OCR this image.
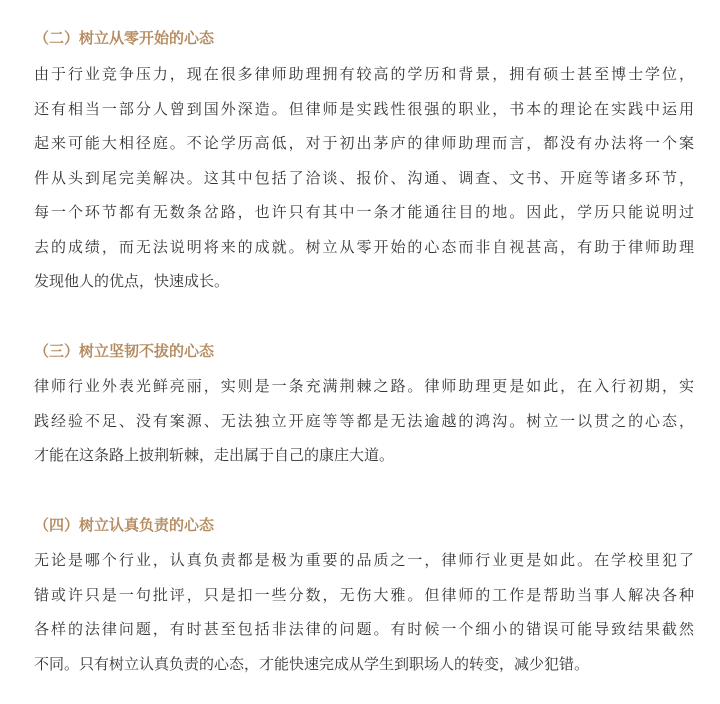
（二）树立从零开始的心态
由于行业竞争压力，现在很多律师助理拥有较高的学历和背景，拥有硕士甚至博士学位，
还有相当一部分人曾到国外深造。但律师是实践性很强的职业，书本的理论在实践中运用
起来可能大相径庭。不论学历高低，对于初出茅庐的律师助理而言，都没有办法将一个案
件从头到尾完美解决。这其中包括了洽谈、报价、沟通、调查、文书、开庭等诸多环节，
每一个环节都有无数条岔路，也许只有其中一条才能通往目的地。因此，学历只能说明过
去的成绩，而无法说明将来的成就。树立从零开始的心态而非自视甚高，有助于律师助理
发现他人的优点，快速成长。
（三）树立坚韧不拔的心态
律师行业外表光鲜亮丽，实则是一条充满荆棘之路。律师助理更是如此，在入行初期，实
践经验不足、没有案源、无法独立开庭等等都是无法逾越的鸿沟。树立一以贯之的心态，
才能在这条路上披荆斩棘，走出属于自己的康庄大道。
（四）树立认真负责的心态
无论是哪个行业，认真负责都是极为重要的品质之一，律师行业更是如此。在学校里犯了
错或许只是一句批评，只是扣一些分数，无伤大雅。但律师的工作是帮助当事人解决各种
各样的法律问题，有时甚至包括非法律的问题。有时候一个细小的错误可能导致结果截然
不同。只有树立认真负责的心态，才能快速完成从学生到职场人的转变，减少犯错。
